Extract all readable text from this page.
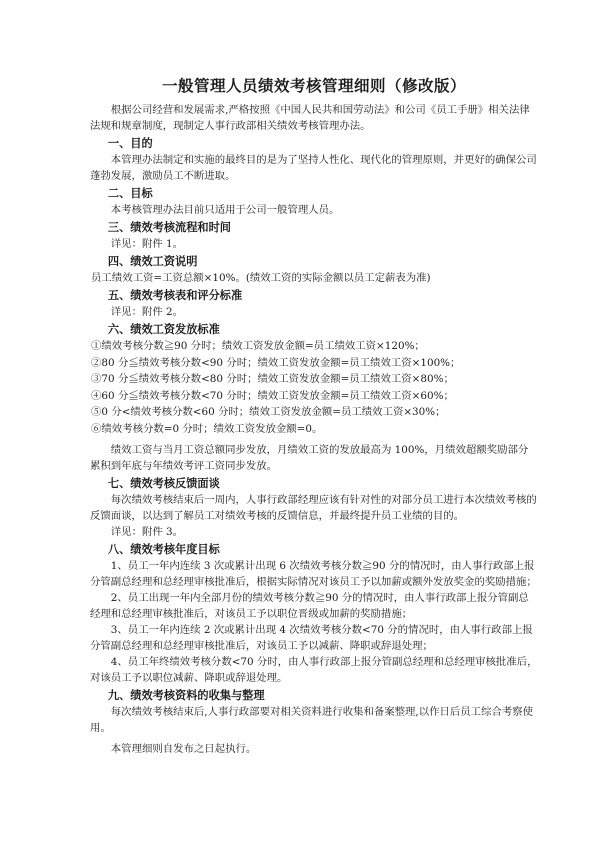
一般管理人员绩效考核管理细则（修改版）

根据公司经营和发展需求,严格按照《中国人民共和国劳动法》和公司《员工手册》相关法律法规和规章制度，现制定人事行政部相关绩效考核管理办法。

一、目的

本管理办法制定和实施的最终目的是为了坚持人性化、现代化的管理原则，并更好的确保公司蓬勃发展，激励员工不断进取。

二、目标

本考核管理办法目前只适用于公司一般管理人员。

三、绩效考核流程和时间

详见：附件 1。

四、绩效工资说明

员工绩效工资=工资总额×10%。(绩效工资的实际金额以员工定薪表为准)

五、绩效考核表和评分标准

详见：附件 2。

六、绩效工资发放标准

①绩效考核分数≧90 分时；绩效工资发放金额=员工绩效工资×120%；

②80 分≦绩效考核分数<90 分时；绩效工资发放金额=员工绩效工资×100%；

③70 分≦绩效考核分数<80 分时；绩效工资发放金额=员工绩效工资×80%；

④60 分≦绩效考核分数<70 分时；绩效工资发放金额=员工绩效工资×60%；

⑤0 分<绩效考核分数<60 分时；绩效工资发放金额=员工绩效工资×30%；

⑥绩效考核分数=0 分时；绩效工资发放金额=0。

绩效工资与当月工资总额同步发放，月绩效工资的发放最高为 100%，月绩效超额奖励部分累积到年底与年绩效考评工资同步发放。

七、绩效考核反馈面谈

每次绩效考核结束后一周内，人事行政部经理应该有针对性的对部分员工进行本次绩效考核的反馈面谈，以达到了解员工对绩效考核的反馈信息，并最终提升员工业绩的目的。

详见：附件 3。

八、绩效考核年度目标

1、员工一年内连续 3 次或累计出现 6 次绩效考核分数≧90 分的情况时，由人事行政部上报分管副总经理和总经理审核批准后，根据实际情况对该员工予以加薪或额外发放奖金的奖励措施；

2、员工出现一年内全部月份的绩效考核分数≧90 分的情况时，由人事行政部上报分管副总经理和总经理审核批准后，对该员工予以职位晋级或加薪的奖励措施；

3、员工一年内连续 2 次或累计出现 4 次绩效考核分数<70 分的情况时，由人事行政部上报分管副总经理和总经理审核批准后，对该员工予以减薪、降职或辞退处理；

4、员工年终绩效考核分数<70 分时，由人事行政部上报分管副总经理和总经理审核批准后，对该员工予以职位减薪、降职或辞退处理。

九、绩效考核资料的收集与整理

每次绩效考核结束后,人事行政部要对相关资料进行收集和备案整理,以作日后员工综合考察使用。

本管理细则自发布之日起执行。
